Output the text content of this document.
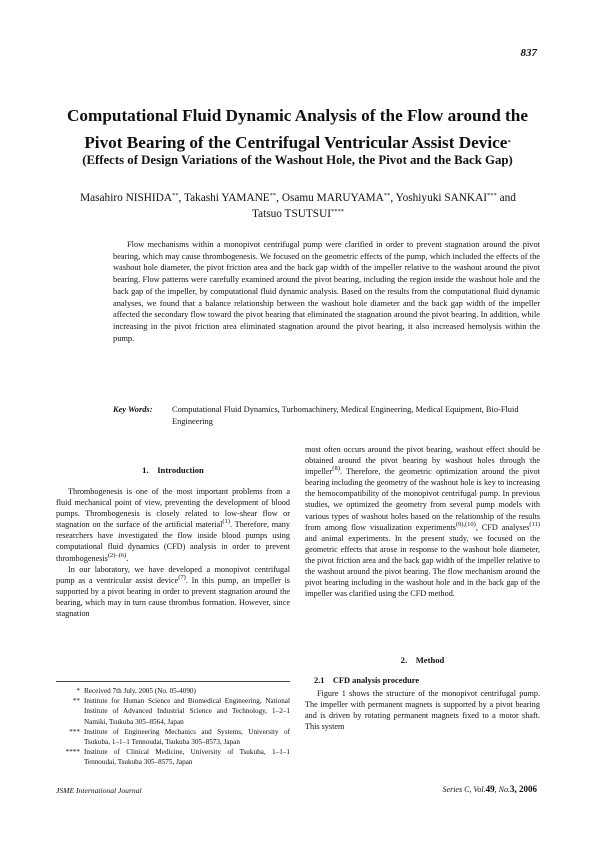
837
Computational Fluid Dynamic Analysis of the Flow around the
Pivot Bearing of the Centrifugal Ventricular Assist Device*
(Effects of Design Variations of the Washout Hole, the Pivot and the Back Gap)
Masahiro NISHIDA**, Takashi YAMANE**, Osamu MARUYAMA**, Yoshiyuki SANKAI*** and
Tatsuo TSUTSUI****
Flow mechanisms within a monopivot centrifugal pump were clarified in order to prevent stagnation around the pivot bearing, which may cause thrombogenesis. We focused on the geometric effects of the pump, which included the effects of the washout hole diameter, the pivot friction area and the back gap width of the impeller relative to the washout around the pivot bearing. Flow patterns were carefully examined around the pivot bearing, including the region inside the washout hole and the back gap of the impeller, by computational fluid dynamic analysis. Based on the results from the computational fluid dynamic analyses, we found that a balance relationship between the washout hole diameter and the back gap width of the impeller affected the secondary flow toward the pivot bearing that eliminated the stagnation around the pivot bearing. In addition, while increasing in the pivot friction area eliminated stagnation around the pivot bearing, it also increased hemolysis within the pump.
Key Words: Computational Fluid Dynamics, Turbomachinery, Medical Engineering, Medical Equipment, Bio-Fluid Engineering
1. Introduction

Thrombogenesis is one of the most important problems from a fluid mechanical point of view, preventing the development of blood pumps. Thrombogenesis is closely related to low-shear flow or stagnation on the surface of the artificial material$^{(1)}$. Therefore, many researchers have investigated the flow inside blood pumps using computational fluid dynamics (CFD) analysis in order to prevent thrombogenesis$^{(2)-(6)}$.

In our laboratory, we have developed a monopivot centrifugal pump as a ventricular assist device$^{(7)}$. In this pump, an impeller is supported by a pivot bearing in order to prevent stagnation around the bearing, which may in turn cause thrombus formation. However, since stagnation

most often occurs around the pivot bearing, washout effect should be obtained around the pivot bearing by washout holes through the impeller$^{(8)}$. Therefore, the geometric optimization around the pivot bearing including the geometry of the washout hole is key to increasing the hemocompatibility of the monopivot centrifugal pump. In previous studies, we optimized the geometry from several pump models with various types of washout holes based on the relationship of the results from among flow visualization experiments$^{(9),(10)}$, CFD analyses$^{(11)}$ and animal experiments. In the present study, we focused on the geometric effects that arose in response to the washout hole diameter, the pivot friction area and the back gap width of the impeller relative to the washout around the pivot bearing. The flow mechanism around the pivot bearing including in the washout hole and in the back gap of the impeller was clarified using the CFD method.

2. Method
2.1 CFD analysis procedure

Figure 1 shows the structure of the monopivot centrifugal pump. The impeller with permanent magnets is supported by a pivot bearing and is driven by rotating permanent magnets fixed to a motor shaft. This system

* Received 7th July, 2005 (No. 05-4090)
** Institute for Human Science and Biomedical Engineering, National Institute of Advanced Industrial Science and Technology, 1–2–1 Namiki, Tsukuba 305–8564, Japan
*** Institute of Engineering Mechanics and Systems, University of Tsukuba, 1–1–1 Tennoudai, Tsukuba 305–8573, Japan
**** Institute of Clinical Medicine, University of Tsukuba, 1–1–1 Tennoudai, Tsukuba 305–8575, Japan
JSME International Journal	Series C, Vol.49, No.3, 2006
